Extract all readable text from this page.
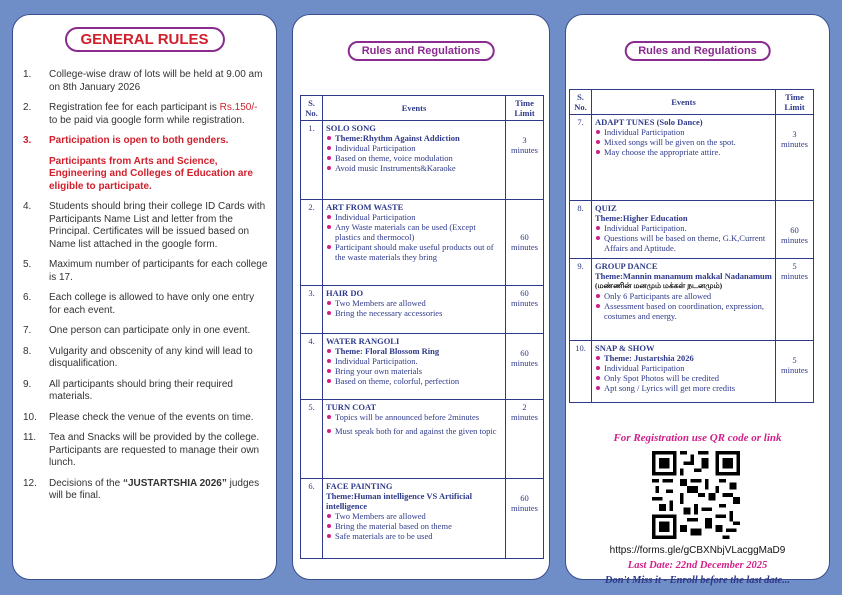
GENERAL RULES
1. College-wise draw of lots will be held at 9.00 am on 8th January 2026
2. Registration fee for each participant is Rs.150/- to be paid via google form while registration.
3. Participation is open to both genders.
Participants from Arts and Science, Engineering and Colleges of Education are eligible to participate.
4. Students should bring their college ID Cards with Participants Name List and letter from the Principal. Certificates will be issued based on Name list attached in the google form.
5. Maximum number of participants for each college is 17.
6. Each college is allowed to have only one entry for each event.
7. One person can participate only in one event.
8. Vulgarity and obscenity of any kind will lead to disqualification.
9. All participants should bring their required materials.
10. Please check the venue of the events on time.
11. Tea and Snacks will be provided by the college. Participants are requested to manage their own lunch.
12. Decisions of the “JUSTARTSHIA 2026” judges will be final.
Rules and Regulations
S. No.	Events	Time Limit
1.	SOLO SONG
Theme:Rhythm Against Addiction
Individual Participation
Based on theme, voice modulation
Avoid music Instruments&Karaoke	3 minutes

2.	ART FROM WASTE
Individual Participation
Any Waste materials can be used (Except plastics and thermocol)
Participant should make useful products out of the waste materials they bring	60 minutes

3.	HAIR DO
Two Members are allowed
Bring the necessary accessories	60 minutes
4.	WATER RANGOLI
Theme: Floral Blossom Ring
Individual Participation.
Bring your own materials
Based on theme, colorful, perfection	60 minutes

5.	TURN COAT
Topics will be announced before 2minutes
Must speak both for and against the given topic	2 minutes
6.	FACE PAINTING
Theme:Human intelligence VS Artificial intelligence
Two Members are allowed
Bring the material based on theme
Safe materials are to be used	60 minutes
Rules and Regulations
S. No.	Events	Time Limit
7.	ADAPT TUNES (Solo Dance)
Individual Participation
Mixed songs will be given on the spot.
May choose the appropriate attire.	3 minutes

8.	QUIZ
Theme:Higher Education
Individual Participation.
Questions will be based on theme, G.K,Current Affairs and Aptitude.	60 minutes

9.	GROUP DANCE
Theme:Mannin manamum makkal Nadanamum
(மண்ணின் மனமும் மக்கள் நடனமும்)
Only 6 Participants are allowed
Assessment based on coordination, expression, costumes and energy.	5 minutes
10.	SNAP & SHOW
Theme: Justartshia 2026
Individual Participation
Only Spot Photos will be credited
Apt song / Lyrics will get more credits	5 minutes
For Registration use QR code or link
https://forms.gle/gCBXNbjVLacggMaD9
Last Date: 22nd December 2025
Don't Miss it - Enroll before the last date...
